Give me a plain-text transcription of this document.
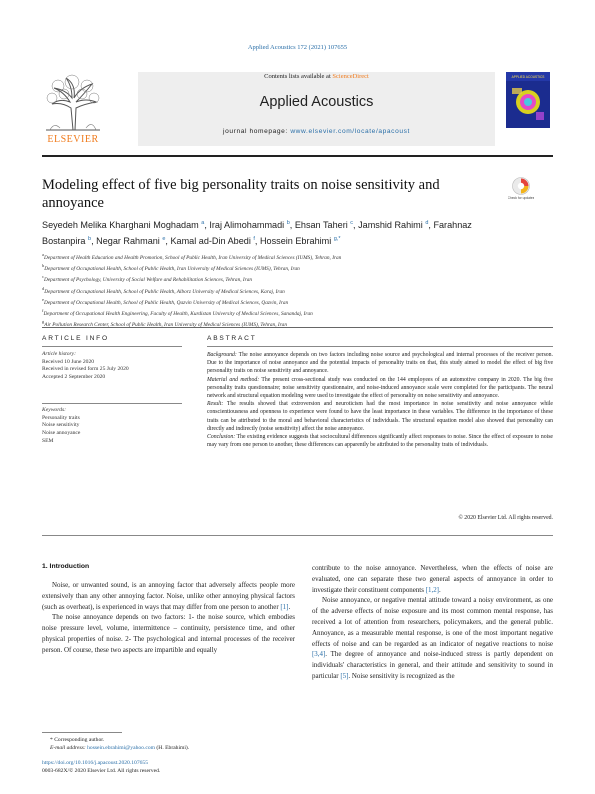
Applied Acoustics 172 (2021) 107655
ELSEVIER
Contents lists available at ScienceDirect
Applied Acoustics
journal homepage: www.elsevier.com/locate/apacoust
APPLIED ACOUSTICS
Modeling effect of five big personality traits on noise sensitivity and annoyance	Check for updates
Seyedeh Melika Kharghani Moghadam $^a$, Iraj Alimohammadi $^b$, Ehsan Taheri $^c$, Jamshid Rahimi $^d$, Farahnaz Bostanpira $^b$, Negar Rahmani $^e$, Kamal ad-Din Abedi $^f$, Hossein Ebrahimi $^{g,*}$
$^a$Department of Health Education and Health Promotion, School of Public Health, Iran University of Medical Sciences (IUMS), Tehran, Iran
$^b$Department of Occupational Health, School of Public Health, Iran University of Medical Sciences (IUMS), Tehran, Iran
$^c$Department of Psychology, University of Social Welfare and Rehabilitation Sciences, Tehran, Iran
$^d$Department of Occupational Health, School of Public Health, Alborz University of Medical Sciences, Karaj, Iran
$^e$Department of Occupational Health, School of Public Health, Qazvin University of Medical Sciences, Qazvin, Iran
$^f$Department of Occupational Health Engineering, Faculty of Health, Kurdistan University of Medical Sciences, Sanandaj, Iran
$^g$Air Pollution Research Center, School of Public Health, Iran University of Medical Sciences (IUMS), Tehran, Iran
ARTICLE INFO
Article history:
Received 10 June 2020
Received in revised form 25 July 2020
Accepted 2 September 2020
Keywords:
Personality traits
Noise sensitivity
Noise annoyance
SEM
ABSTRACT
Background: The noise annoyance depends on two factors including noise source and psychological and internal processes of the receiver person. Due to the importance of noise annoyance and the potential impacts of personality traits on that, this study aimed to model the effect of big five personality traits on noise sensitivity and annoyance.
Material and method: The present cross-sectional study was conducted on the 144 employees of an automotive company in 2020. The big five personality traits questionnaire; noise sensitivity questionnaire, and noise-induced annoyance scale were completed for the participants. The neural network and structural equation modeling were used to investigate the effect of personality on noise sensitivity and annoyance.
Result: The results showed that extroversion and neuroticism had the most importance in noise sensitivity and noise annoyance while conscientiousness and openness to experience were found to have the least importance in these variables. The difference in the importance of these traits can be attributed to the moral and behavioral characteristics of individuals. The structural equation model also showed that personality can directly and indirectly (noise sensitivity) affect the noise annoyance.
Conclusion: The existing evidence suggests that sociocultural differences significantly affect responses to noise. Since the effect of exposure to noise may vary from one person to another, these differences can apparently be attributed to the personality traits of individuals.
© 2020 Elsevier Ltd. All rights reserved.
1. Introduction

Noise, or unwanted sound, is an annoying factor that adversely affects people more extensively than any other annoying factor. Noise, unlike other annoying physical factors (such as overheat), is experienced in ways that may differ from one person to another [1].

The noise annoyance depends on two factors: 1- the noise source, which embodies noise pressure level, volume, intermittence – continuity, persistence time, and other physical properties of noise. 2- The psychological and internal processes of the receiver person. Of course, these two aspects are impartible and equally

contribute to the noise annoyance. Nevertheless, when the effects of noise are evaluated, one can separate these two general aspects of annoyance in order to investigate their constituent components [1,2].

Noise annoyance, or negative mental attitude toward a noisy environment, as one of the adverse effects of noise exposure and its most common mental response, has received a lot of attention from researchers, policymakers, and the general public. Annoyance, as a measurable mental response, is one of the most important negative effects of noise and can be regarded as an indicator of negative reactions to noise [3,4]. The degree of annoyance and noise-induced stress is partly dependent on individuals' characteristics in general, and their attitude and sensitivity to sound in particular [5]. Noise sensitivity is recognized as the

* Corresponding author.
E-mail address: hossein.ebrahimi@yahoo.com (H. Ebrahimi).
https://doi.org/10.1016/j.apacoust.2020.107655
0003-682X/© 2020 Elsevier Ltd. All rights reserved.
